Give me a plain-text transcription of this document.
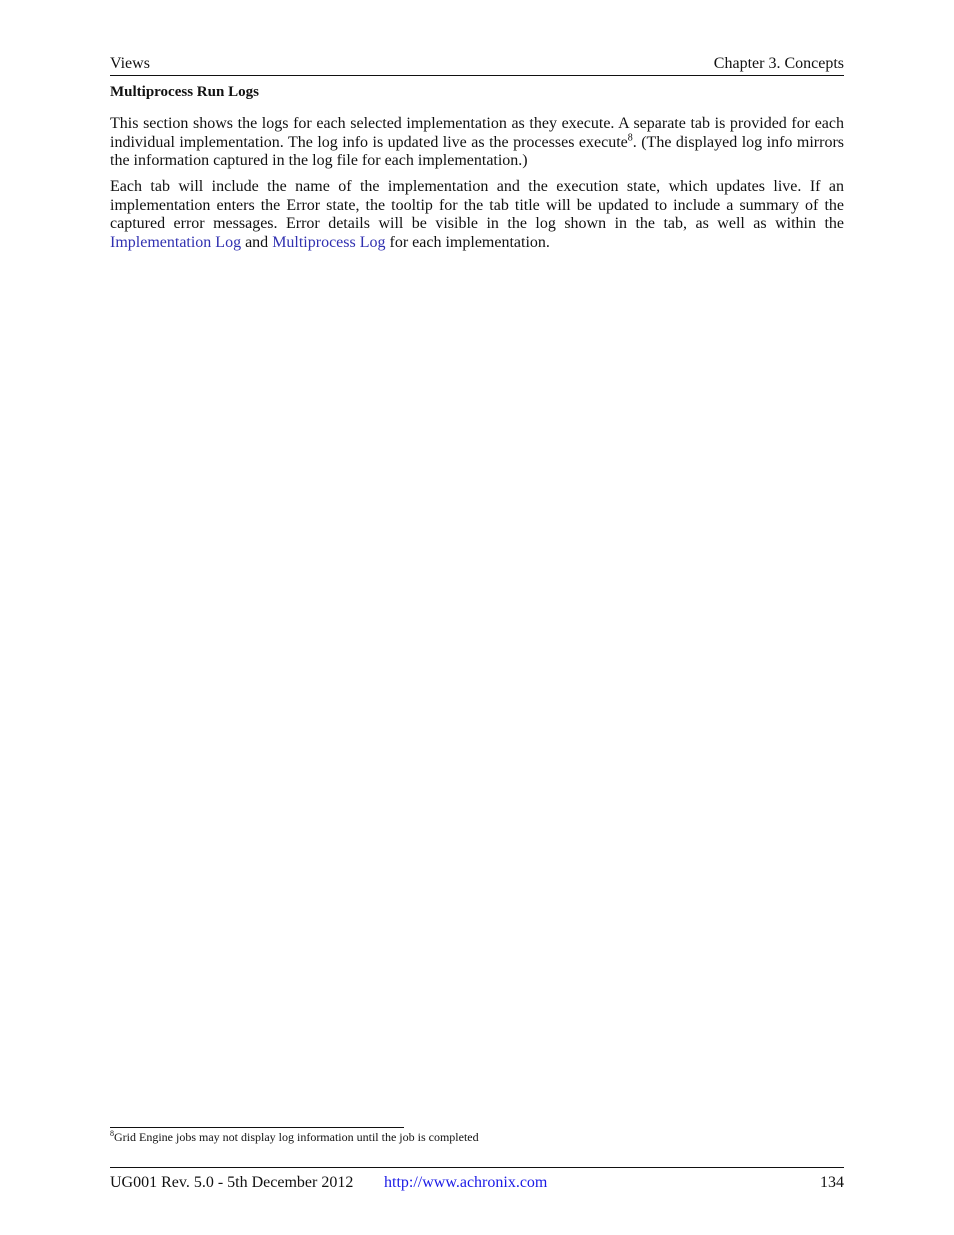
Views	Chapter 3. Concepts
Multiprocess Run Logs

This section shows the logs for each selected implementation as they execute. A separate tab is provided for each individual implementation. The log info is updated live as the processes execute$^8$. (The displayed log info mirrors the information captured in the log file for each implementation.)

Each tab will include the name of the implementation and the execution state, which updates live. If an implementation enters the Error state, the tooltip for the tab title will be updated to include a summary of the captured error messages. Error details will be visible in the log shown in the tab, as well as within the Implementation Log and Multiprocess Log for each implementation.

$^8$Grid Engine jobs may not display log information until the job is completed
UG001 Rev. 5.0 - 5th December 2012 http://www.achronix.com	134
